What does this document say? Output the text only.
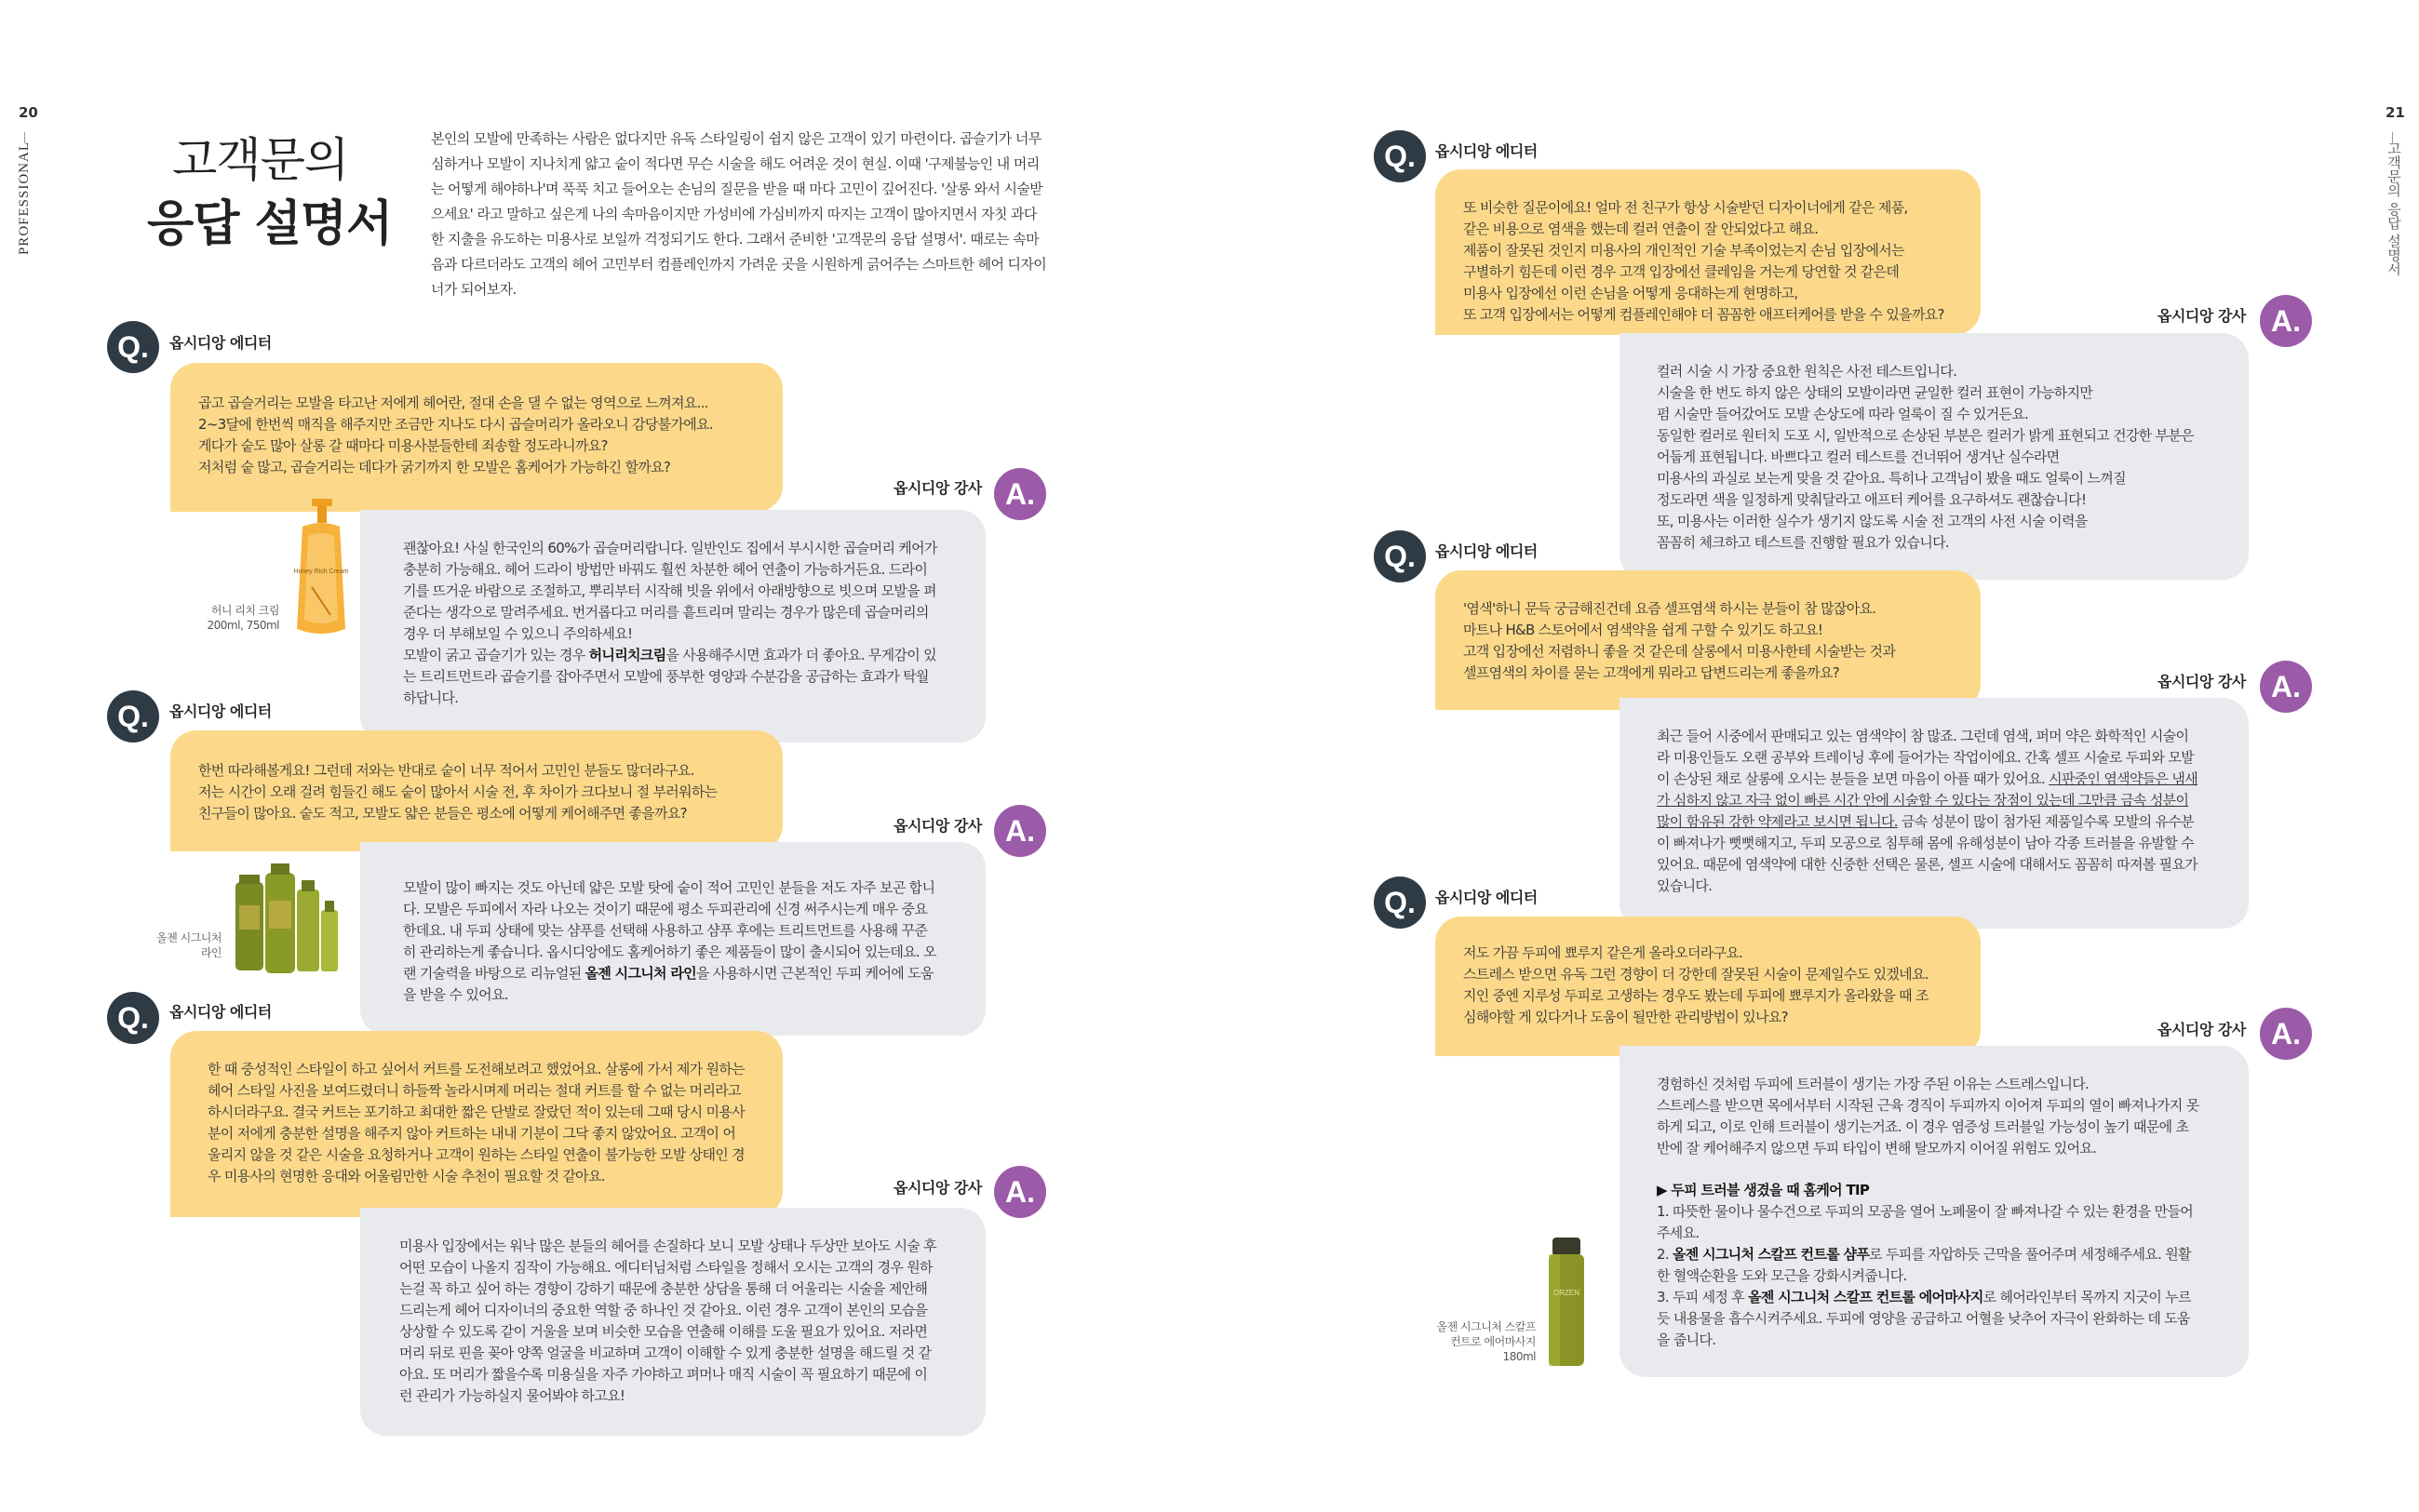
20
PROFESSIONAL
21
고객문의 응답 설명서
고객문의
응답 설명서
본인의 모발에 만족하는 사람은 없다지만 유독 스타일링이 쉽지 않은 고객이 있기 마련이다. 곱슬기가 너무 심하거나 모발이 지나치게 얇고 숱이 적다면 무슨 시술을 해도 어려운 것이 현실. 이때 '구제불능인 내 머리는 어떻게 해야하나'며 푹푹 치고 들어오는 손님의 질문을 받을 때 마다 고민이 깊어진다. '살롱 와서 시술받으세요' 라고 말하고 싶은게 나의 속마음이지만 가성비에 가심비까지 따지는 고객이 많아지면서 자칫 과다한 지출을 유도하는 미용사로 보일까 걱정되기도 한다. 그래서 준비한 '고객문의 응답 설명서'. 때로는 속마음과 다르더라도 고객의 헤어 고민부터 컴플레인까지 가려운 곳을 시원하게 긁어주는 스마트한 헤어 디자이너가 되어보자.
Q.	옵시디앙 에디터
곱고 곱슬거리는 모발을 타고난 저에게 헤어란, 절대 손을 댈 수 없는 영역으로 느껴져요...
2~3달에 한번씩 매직을 해주지만 조금만 지나도 다시 곱슬머리가 올라오니 감당불가에요.
게다가 숱도 많아 살롱 갈 때마다 미용사분들한테 죄송할 정도라니까요?
저처럼 숱 많고, 곱슬거리는 데다가 굵기까지 한 모발은 홈케어가 가능하긴 할까요?
A.
옵시디앙 강사

괜찮아요! 사실 한국인의 60%가 곱슬머리랍니다. 일반인도 집에서 부시시한 곱슬머리 케어가 충분히 가능해요. 헤어 드라이 방법만 바꿔도 훨씬 차분한 헤어 연출이 가능하거든요. 드라이기를 뜨거운 바람으로 조절하고, 뿌리부터 시작해 빗을 위에서 아래방향으로 빗으며 모발을 펴준다는 생각으로 말려주세요. 번거롭다고 머리를 흩트리며 말리는 경우가 많은데 곱슬머리의 경우 더 부해보일 수 있으니 주의하세요!
모발이 굵고 곱슬기가 있는 경우 허니리치크림을 사용해주시면 효과가 더 좋아요. 무게감이 있는 트리트먼트라 곱슬기를 잡아주면서 모발에 풍부한 영양과 수분감을 공급하는 효과가 탁월하답니다.

Honey Rich Cream
허니 리치 크림
200ml, 750ml
Q.	옵시디앙 에디터
한번 따라해볼게요! 그런데 저와는 반대로 숱이 너무 적어서 고민인 분들도 많더라구요.
저는 시간이 오래 걸려 힘들긴 해도 숱이 많아서 시술 전, 후 차이가 크다보니 절 부러워하는
친구들이 많아요. 숱도 적고, 모발도 얇은 분들은 평소에 어떻게 케어해주면 좋을까요?
A.
옵시디앙 강사

모발이 많이 빠지는 것도 아닌데 얇은 모발 탓에 숱이 적어 고민인 분들을 저도 자주 보곤 합니다. 모발은 두피에서 자라 나오는 것이기 때문에 평소 두피관리에 신경 써주시는게 매우 중요한데요. 내 두피 상태에 맞는 샴푸를 선택해 사용하고 샴푸 후에는 트리트먼트를 사용해 꾸준히 관리하는게 좋습니다. 옵시디앙에도 홈케어하기 좋은 제품들이 많이 출시되어 있는데요. 오랜 기술력을 바탕으로 리뉴얼된 올젠 시그니처 라인을 사용하시면 근본적인 두피 케어에 도움을 받을 수 있어요.

올젠 시그니처
라인
Q.	옵시디앙 에디터
한 때 중성적인 스타일이 하고 싶어서 커트를 도전해보려고 했었어요. 살롱에 가서 제가 원하는 헤어 스타일 사진을 보여드렸더니 하들짝 놀라시며제 머리는 절대 커트를 할 수 없는 머리라고 하시더라구요. 결국 커트는 포기하고 최대한 짧은 단발로 잘랐던 적이 있는데 그때 당시 미용사 분이 저에게 충분한 설명을 해주지 않아 커트하는 내내 기분이 그닥 좋지 않았어요. 고객이 어울리지 않을 것 같은 시술을 요청하거나 고객이 원하는 스타일 연출이 불가능한 모발 상태인 경우 미용사의 현명한 응대와 어울림만한 시술 추천이 필요할 것 같아요.	A.
옵시디앙 강사
미용사 입장에서는 워낙 많은 분들의 헤어를 손질하다 보니 모발 상태나 두상만 보아도 시술 후 어떤 모습이 나올지 짐작이 가능해요. 에디터님처럼 스타일을 정해서 오시는 고객의 경우 원하는걸 꼭 하고 싶어 하는 경향이 강하기 때문에 충분한 상담을 통해 더 어울리는 시술을 제안해드리는게 헤어 디자이너의 중요한 역할 중 하나인 것 같아요. 이런 경우 고객이 본인의 모습을 상상할 수 있도록 같이 거울을 보며 비슷한 모습을 연출해 이해를 도울 필요가 있어요. 저라면 머리 뒤로 핀을 꽂아 양쪽 얼굴을 비교하며 고객이 이해할 수 있게 충분한 설명을 해드릴 것 같아요. 또 머리가 짧을수록 미용실을 자주 가야하고 펴머나 매직 시술이 꼭 필요하기 때문에 이런 관리가 가능하실지 물어봐야 하고요!
Q.	옵시디앙 에디터
또 비슷한 질문이에요! 얼마 전 친구가 항상 시술받던 디자이너에게 같은 제품,
같은 비용으로 염색을 했는데 컬러 연출이 잘 안되었다고 해요.
제품이 잘못된 것인지 미용사의 개인적인 기술 부족이었는지 손님 입장에서는
구별하기 힘든데 이런 경우 고객 입장에선 클레임을 거는게 당연할 것 같은데
미용사 입장에선 이런 손님을 어떻게 응대하는게 현명하고,
또 고객 입장에서는 어떻게 컴플레인해야 더 꼼꼼한 애프터케어를 받을 수 있을까요?	A.
옵시디앙 강사
컬러 시술 시 가장 중요한 원칙은 사전 테스트입니다.
시술을 한 번도 하지 않은 상태의 모발이라면 균일한 컬러 표현이 가능하지만
펌 시술만 들어갔어도 모발 손상도에 따라 얼룩이 질 수 있거든요.
동일한 컬러로 원터치 도포 시, 일반적으로 손상된 부분은 컬러가 밝게 표현되고 건강한 부분은 어둡게 표현됩니다. 바쁘다고 컬러 테스트를 건너뛰어 생겨난 실수라면
미용사의 과실로 보는게 맞을 것 같아요. 특히나 고객님이 봤을 때도 얼룩이 느껴질
정도라면 색을 일정하게 맞춰달라고 애프터 케어를 요구하셔도 괜찮습니다!
또, 미용사는 이러한 실수가 생기지 않도록 시술 전 고객의 사전 시술 이력을
꼼꼼히 체크하고 테스트를 진행할 필요가 있습니다.
Q.	옵시디앙 에디터
'염색'하니 문득 궁금해진건데 요즘 셀프염색 하시는 분들이 참 많잖아요.
마트나 H&B 스토어에서 염색약을 쉽게 구할 수 있기도 하고요!
고객 입장에선 저렴하니 좋을 것 같은데 살롱에서 미용사한테 시술받는 것과
셀프염색의 차이를 묻는 고객에게 뭐라고 답변드리는게 좋을까요?	A.
옵시디앙 강사

최근 들어 시중에서 판매되고 있는 염색약이 참 많죠. 그런데 염색, 퍼머 약은 화학적인 시술이라 미용인들도 오랜 공부와 트레이닝 후에 들어가는 작업이에요. 간혹 셀프 시술로 두피와 모발이 손상된 채로 살롱에 오시는 분들을 보면 마음이 아플 때가 있어요. 시판중인 염색약들은 냄새가 심하지 않고 자극 없이 빠른 시간 안에 시술할 수 있다는 장점이 있는데 그만큼 금속 성분이 많이 함유된 강한 약제라고 보시면 됩니다. 금속 성분이 많이 첨가된 제품일수록 모발의 유수분이 빠져나가 뻣뻣해지고, 두피 모공으로 침투해 몸에 유해성분이 남아 각종 트러블을 유발할 수 있어요. 때문에 염색약에 대한 신중한 선택은 물론, 셀프 시술에 대해서도 꼼꼼히 따져볼 필요가 있습니다.

Q.	옵시디앙 에디터
저도 가끔 두피에 뾰루지 같은게 올라오더라구요.
스트레스 받으면 유독 그런 경향이 더 강한데 잘못된 시술이 문제일수도 있겠네요.
지인 중엔 지루성 두피로 고생하는 경우도 봤는데 두피에 뾰루지가 올라왔을 때 조
심해야할 게 있다거나 도움이 될만한 관리방법이 있나요?	A.
옵시디앙 강사

경험하신 것처럼 두피에 트러블이 생기는 가장 주된 이유는 스트레스입니다.
스트레스를 받으면 목에서부터 시작된 근육 경직이 두피까지 이어져 두피의 열이 빠져나가지 못하게 되고, 이로 인해 트러블이 생기는거죠. 이 경우 염증성 트러블일 가능성이 높기 때문에 초반에 잘 케어해주지 않으면 두피 타입이 변해 탈모까지 이어질 위험도 있어요.

▶ 두피 트러블 생겼을 때 홈케어 TIP

1. 따뜻한 물이나 물수건으로 두피의 모공을 열어 노폐물이 잘 빠져나갈 수 있는 환경을 만들어주세요.

2. 올젠 시그니처 스칼프 컨트롤 샴푸로 두피를 자압하듯 근막을 풀어주며 세정해주세요. 원활한 혈액순환을 도와 모근을 강화시켜줍니다.

3. 두피 세정 후 올젠 시그니처 스칼프 컨트롤 에어마사지로 헤어라인부터 목까지 지긋이 누르듯 내용물을 흡수시켜주세요. 두피에 영양을 공급하고 어혈을 낮추어 자극이 완화하는 데 도움을 줍니다.

ORZEN
올젠 시그니처 스칼프
컨트로 에어마사지
180ml
